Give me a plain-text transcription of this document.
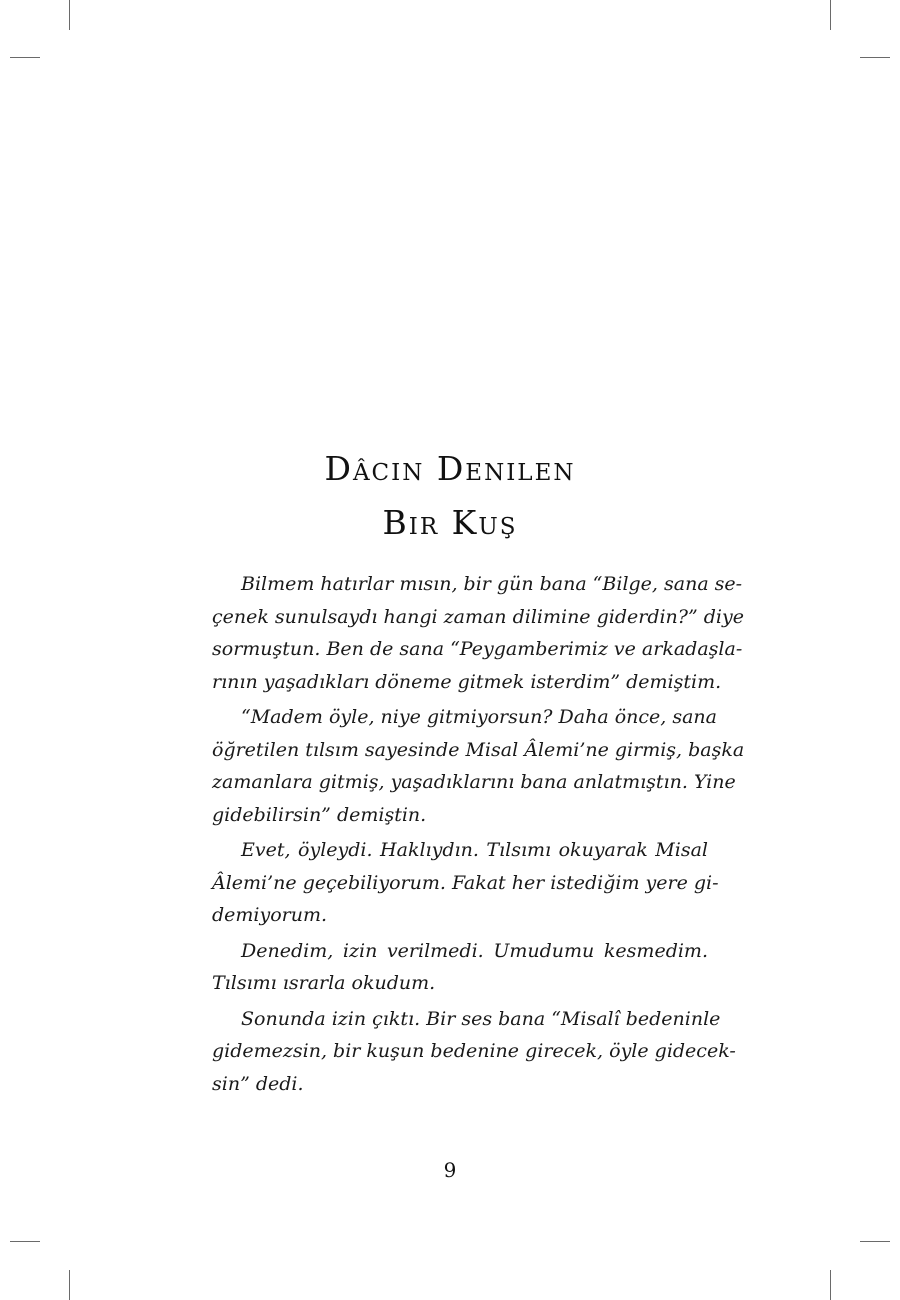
Dâcin Denilen
Bir Kuş

Bilmem hatırlar mısın, bir gün bana “Bilge, sana se-
çenek sunulsaydı hangi zaman dilimine giderdin?” diye
sormuştun. Ben de sana “Peygamberimiz ve arkadaşla-
rının yaşadıkları döneme gitmek isterdim” demiştim.

“Madem öyle, niye gitmiyorsun? Daha önce, sana
öğretilen tılsım sayesinde Misal Âlemi’ne girmiş, başka
zamanlara gitmiş, yaşadıklarını bana anlatmıştın. Yine
gidebilirsin” demiştin.

Evet, öyleydi. Haklıydın. Tılsımı okuyarak Misal
Âlemi’ne geçebiliyorum. Fakat her istediğim yere gi-
demiyorum.

Denedim, izin verilmedi. Umudumu kesmedim.
Tılsımı ısrarla okudum.

Sonunda izin çıktı. Bir ses bana “Misalî bedeninle
gidemezsin, bir kuşun bedenine girecek, öyle gidecek-
sin” dedi.

9
